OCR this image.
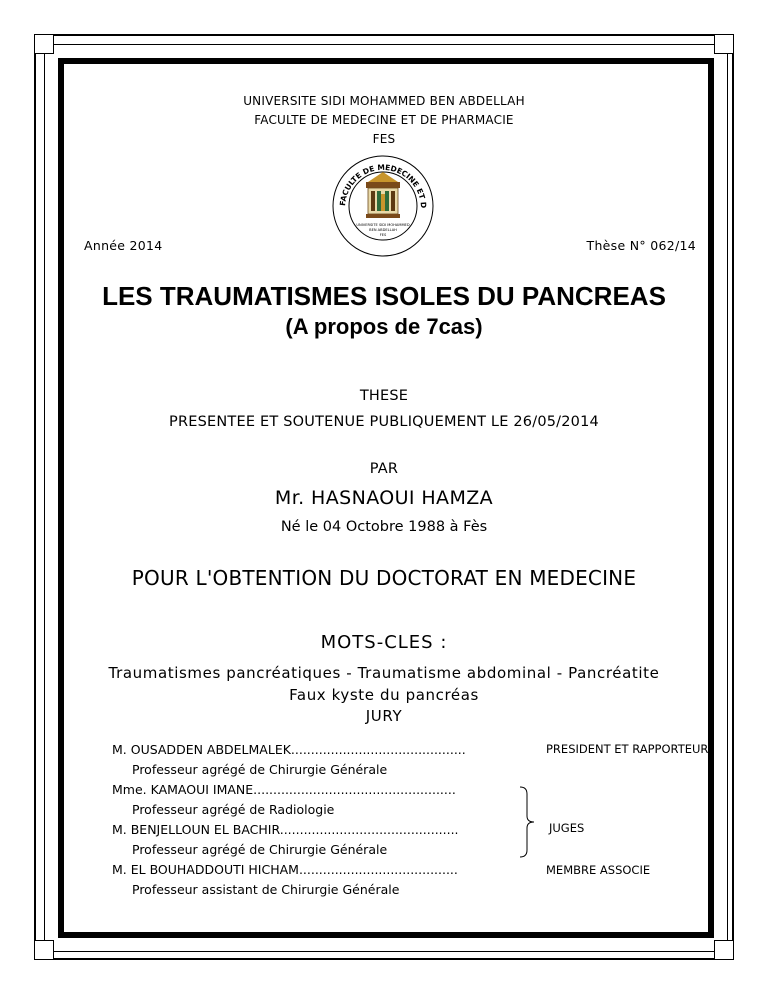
UNIVERSITE SIDI MOHAMMED BEN ABDELLAH
FACULTE DE MEDECINE ET DE PHARMACIE
FES
FACULTE DE MEDECINE ET D
UNIVERSITE SIDI MOHAMMED
BEN ABDELLAH
FES
Année 2014	Thèse N° 062/14
LES TRAUMATISMES ISOLES DU PANCREAS
(A propos de 7cas)
THESE
PRESENTEE ET SOUTENUE PUBLIQUEMENT LE 26/05/2014
PAR
Mr. HASNAOUI HAMZA
Né le 04 Octobre 1988 à Fès
POUR L'OBTENTION DU DOCTORAT EN MEDECINE
MOTS-CLES :
Traumatismes pancréatiques - Traumatisme abdominal - Pancréatite
Faux kyste du pancréas
JURY
M. OUSADDEN ABDELMALEK............................................
Professeur agrégé de Chirurgie Générale
Mme. KAMAOUI IMANE...................................................
Professeur agrégé de Radiologie
M. BENJELLOUN EL BACHIR.............................................
Professeur agrégé de Chirurgie Générale
M. EL BOUHADDOUTI HICHAM........................................
Professeur assistant de Chirurgie Générale
PRESIDENT ET RAPPORTEUR
JUGES
MEMBRE ASSOCIE
